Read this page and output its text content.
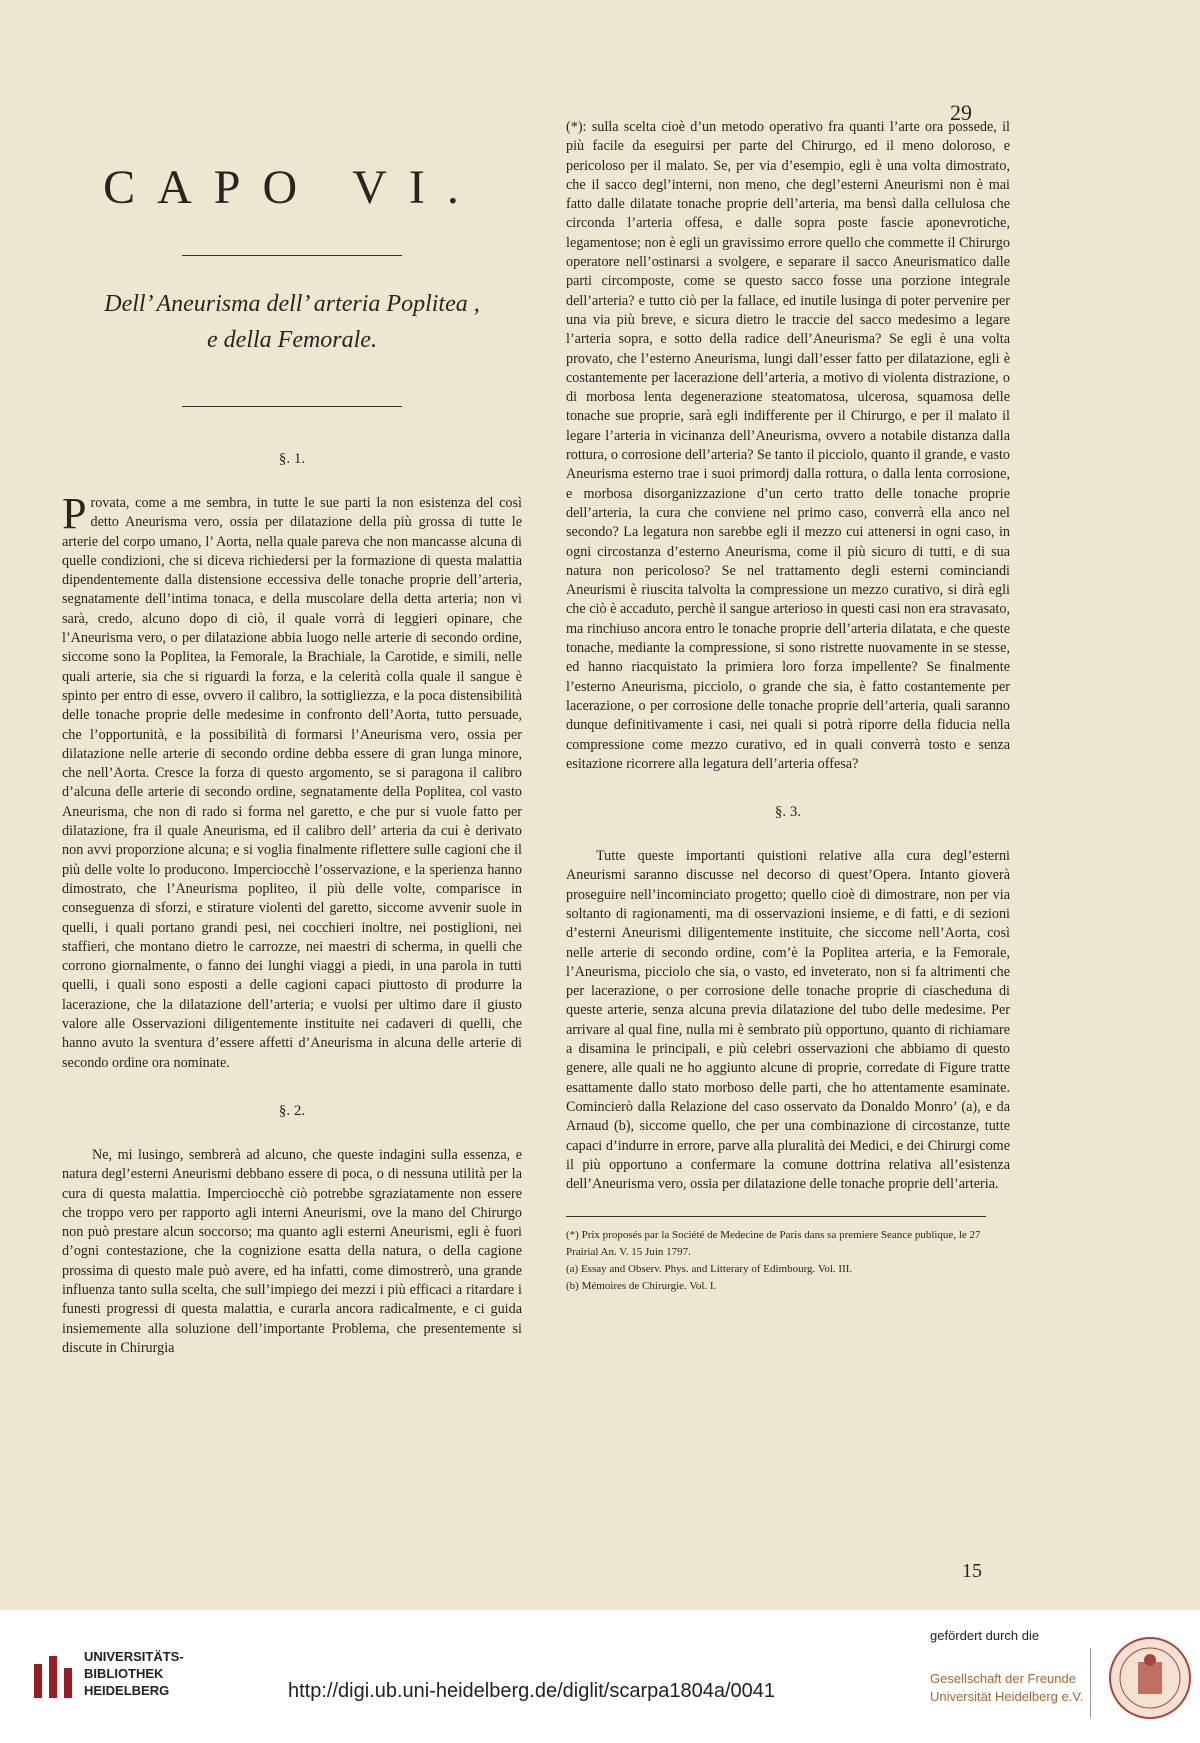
29
CAPO VI.
Dell’ Aneurisma dell’ arteria Poplitea ,
e della Femorale.
§. 1.

Provata, come a me sembra, in tutte le sue parti la non esistenza del così detto Aneurisma vero, ossia per dilatazione della più grossa di tutte le arterie del corpo umano, l’ Aorta, nella quale pareva che non mancasse alcuna di quelle condizioni, che si diceva richiedersi per la formazione di questa malattia dipendentemente dalla distensione eccessiva delle tonache proprie dell’arteria, segnatamente dell’intima tonaca, e della muscolare della detta arteria; non vi sarà, credo, alcuno dopo di ciò, il quale vorrà di leggieri opinare, che l’Aneurisma vero, o per dilatazione abbia luogo nelle arterie di secondo ordine, siccome sono la Poplitea, la Femorale, la Brachiale, la Carotide, e simili, nelle quali arterie, sia che si riguardi la forza, e la celerità colla quale il sangue è spinto per entro di esse, ovvero il calibro, la sottigliezza, e la poca distensibilità delle tonache proprie delle medesime in confronto dell’Aorta, tutto persuade, che l’opportunità, e la possibilità di formarsi l’Aneurisma vero, ossia per dilatazione nelle arterie di secondo ordine debba essere di gran lunga minore, che nell’Aorta. Cresce la forza di questo argomento, se si paragona il calibro d’alcuna delle arterie di secondo ordine, segnatamente della Poplitea, col vasto Aneurisma, che non di rado si forma nel garetto, e che pur si vuole fatto per dilatazione, fra il quale Aneurisma, ed il calibro dell’ arteria da cui è derivato non avvi proporzione alcuna; e si voglia finalmente riflettere sulle cagioni che il più delle volte lo producono. Imperciocchè l’osservazione, e la sperienza hanno dimostrato, che l’Aneurisma popliteo, il più delle volte, comparisce in conseguenza di sforzi, e stirature violenti del garetto, siccome avvenir suole in quelli, i quali portano grandi pesi, nei cocchieri inoltre, nei postiglioni, nei staffieri, che montano dietro le carrozze, nei maestri di scherma, in quelli che corrono giornalmente, o fanno dei lunghi viaggi a piedi, in una parola in tutti quelli, i quali sono esposti a delle cagioni capaci piuttosto di produrre la lacerazione, che la dilatazione dell’arteria; e vuolsi per ultimo dare il giusto valore alle Osservazioni diligentemente instituite nei cadaveri di quelli, che hanno avuto la sventura d’essere affetti d’Aneurisma in alcuna delle arterie di secondo ordine ora nominate.

§. 2.

Ne, mi lusingo, sembrerà ad alcuno, che queste indagini sulla essenza, e natura degl’esterni Aneurismi debbano essere di poca, o di nessuna utilità per la cura di questa malattia. Imperciocchè ciò potrebbe sgraziatamente non essere che troppo vero per rapporto agli interni Aneurismi, ove la mano del Chirurgo non può prestare alcun soccorso; ma quanto agli esterni Aneurismi, egli è fuori d’ogni contestazione, che la cognizione esatta della natura, o della cagione prossima di questo male può avere, ed ha infatti, come dimostrerò, una grande influenza tanto sulla scelta, che sull’impiego dei mezzi i più efficaci a ritardare i funesti progressi di questa malattia, e curarla ancora radicalmente, e ci guida insiememente alla soluzione dell’importante Problema, che presentemente si discute in Chirurgia

(*): sulla scelta cioè d’un metodo operativo fra quanti l’arte ora possede, il più facile da eseguirsi per parte del Chirurgo, ed il meno doloroso, e pericoloso per il malato. Se, per via d’esempio, egli è una volta dimostrato, che il sacco degl’interni, non meno, che degl’esterni Aneurismi non è mai fatto dalle dilatate tonache proprie dell’arteria, ma bensì dalla cellulosa che circonda l’arteria offesa, e dalle sopra poste fascie aponevrotiche, legamentose; non è egli un gravissimo errore quello che commette il Chirurgo operatore nell’ostinarsi a svolgere, e separare il sacco Aneurismatico dalle parti circomposte, come se questo sacco fosse una porzione integrale dell’arteria? e tutto ciò per la fallace, ed inutile lusinga di poter pervenire per una via più breve, e sicura dietro le traccie del sacco medesimo a legare l’arteria sopra, e sotto della radice dell’Aneurisma? Se egli è una volta provato, che l’esterno Aneurisma, lungi dall’esser fatto per dilatazione, egli è costantemente per lacerazione dell’arteria, a motivo di violenta distrazione, o di morbosa lenta degenerazione steatomatosa, ulcerosa, squamosa delle tonache sue proprie, sarà egli indifferente per il Chirurgo, e per il malato il legare l’arteria in vicinanza dell’Aneurisma, ovvero a notabile distanza dalla rottura, o corrosione dell’arteria? Se tanto il picciolo, quanto il grande, e vasto Aneurisma esterno trae i suoi primordj dalla rottura, o dalla lenta corrosione, e morbosa disorganizzazione d’un certo tratto delle tonache proprie dell’arteria, la cura che conviene nel primo caso, converrà ella anco nel secondo? La legatura non sarebbe egli il mezzo cui attenersi in ogni caso, in ogni circostanza d’esterno Aneurisma, come il più sicuro di tutti, e di sua natura non pericoloso? Se nel trattamento degli esterni cominciandi Aneurismi è riuscita talvolta la compressione un mezzo curativo, si dirà egli che ciò è accaduto, perchè il sangue arterioso in questi casi non era stravasato, ma rinchiuso ancora entro le tonache proprie dell’arteria dilatata, e che queste tonache, mediante la compressione, si sono ristrette nuovamente in se stesse, ed hanno riacquistato la primiera loro forza impellente? Se finalmente l’esterno Aneurisma, picciolo, o grande che sia, è fatto costantemente per lacerazione, o per corrosione delle tonache proprie dell’arteria, quali saranno dunque definitivamente i casi, nei quali si potrà riporre della fiducia nella compressione come mezzo curativo, ed in quali converrà tosto e senza esitazione ricorrere alla legatura dell’arteria offesa?

§. 3.

Tutte queste importanti quistioni relative alla cura degl’esterni Aneurismi saranno discusse nel decorso di quest’Opera. Intanto gioverà proseguire nell’incominciato progetto; quello cioè di dimostrare, non per via soltanto di ragionamenti, ma di osservazioni insieme, e di fatti, e di sezioni d’esterni Aneurismi diligentemente instituite, che siccome nell’Aorta, così nelle arterie di secondo ordine, com’è la Poplitea arteria, e la Femorale, l’Aneurisma, picciolo che sia, o vasto, ed inveterato, non si fa altrimenti che per lacerazione, o per corrosione delle tonache proprie di ciascheduna di queste arterie, senza alcuna previa dilatazione del tubo delle medesime. Per arrivare al qual fine, nulla mi è sembrato più opportuno, quanto di richiamare a disamina le principali, e più celebri osservazioni che abbiamo di questo genere, alle quali ne ho aggiunto alcune di proprie, corredate di Figure tratte esattamente dallo stato morboso delle parti, che ho attentamente esaminate. Comincierò dalla Relazione del caso osservato da Donaldo Monro’ (a), e da Arnaud (b), siccome quello, che per una combinazione di circostanze, tutte capaci d’indurre in errore, parve alla pluralità dei Medici, e dei Chirurgi come il più opportuno a confermare la comune dottrina relativa all’esistenza dell’Aneurisma vero, ossia per dilatazione delle tonache proprie dell’arteria.

(*) Prix proposés par la Société de Medecine de Paris dans sa premiere Seance publique, le 27 Prairial An. V. 15 Juin 1797.
(a) Essay and Observ. Phys. and Litterary of Edimbourg. Vol. III.
(b) Mémoires de Chirurgie. Vol. I.
15
UNIVERSITÄTS-
BIBLIOTHEK
HEIDELBERG	http://digi.ub.uni-heidelberg.de/diglit/scarpa1804a/0041
gefördert durch die
Gesellschaft der Freunde
Universität Heidelberg e.V.
